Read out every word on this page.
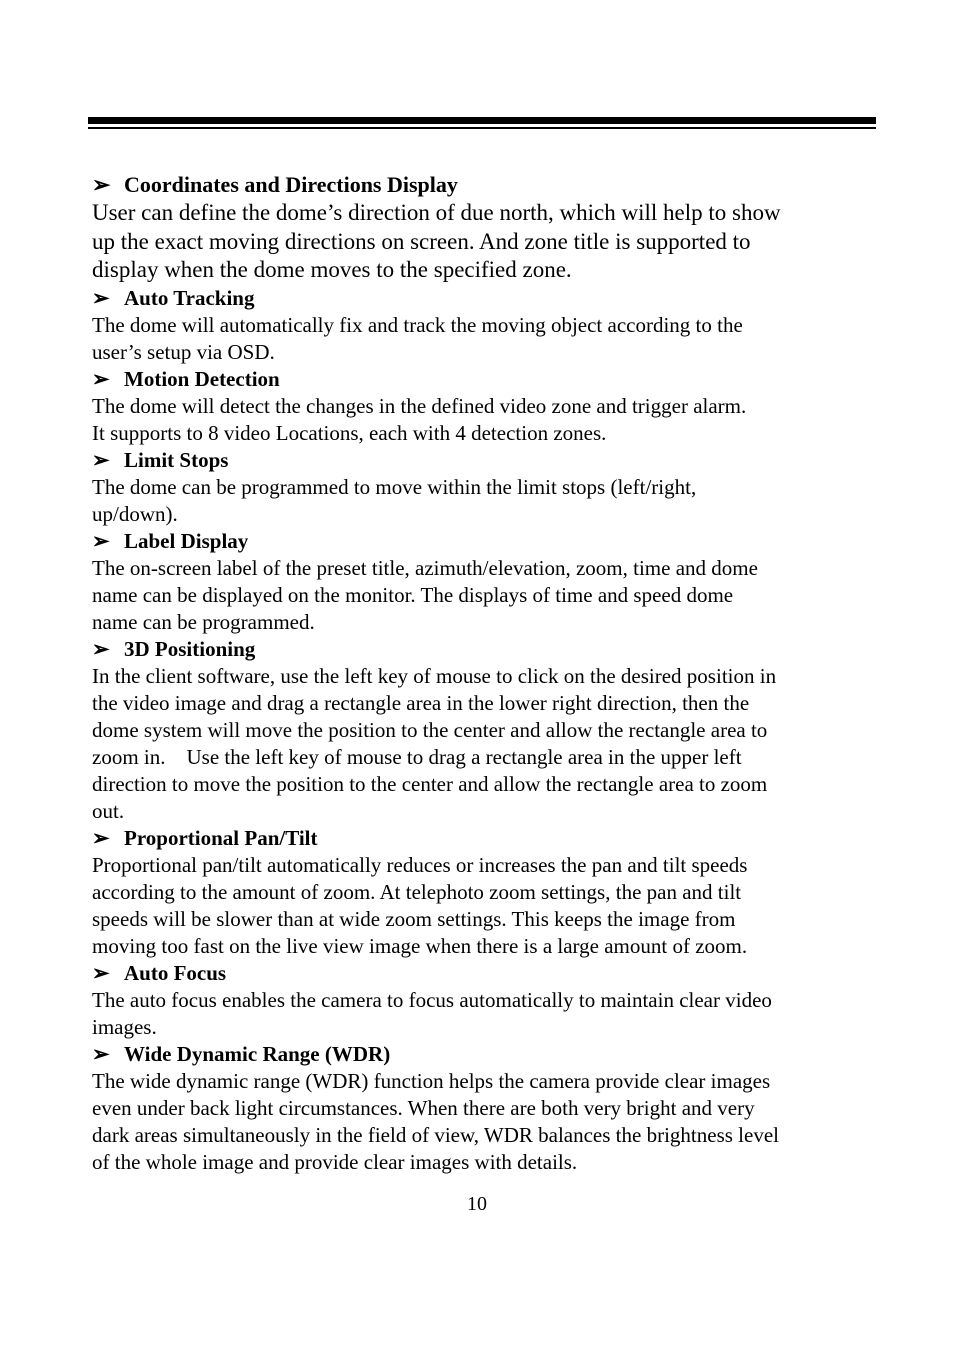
➢ Coordinates and Directions Display
User can define the dome’s direction of due north, which will help to show
up the exact moving directions on screen. And zone title is supported to
display when the dome moves to the specified zone.
➢ Auto Tracking
The dome will automatically fix and track the moving object according to the
user’s setup via OSD.
➢ Motion Detection
The dome will detect the changes in the defined video zone and trigger alarm.
It supports to 8 video Locations, each with 4 detection zones.
➢ Limit Stops
The dome can be programmed to move within the limit stops (left/right,
up/down).
➢ Label Display
The on-screen label of the preset title, azimuth/elevation, zoom, time and dome
name can be displayed on the monitor. The displays of time and speed dome
name can be programmed.
➢ 3D Positioning
In the client software, use the left key of mouse to click on the desired position in
the video image and drag a rectangle area in the lower right direction, then the
dome system will move the position to the center and allow the rectangle area to
zoom in.    Use the left key of mouse to drag a rectangle area in the upper left
direction to move the position to the center and allow the rectangle area to zoom
out.
➢ Proportional Pan/Tilt
Proportional pan/tilt automatically reduces or increases the pan and tilt speeds
according to the amount of zoom. At telephoto zoom settings, the pan and tilt
speeds will be slower than at wide zoom settings. This keeps the image from
moving too fast on the live view image when there is a large amount of zoom.
➢ Auto Focus
The auto focus enables the camera to focus automatically to maintain clear video
images.
➢ Wide Dynamic Range (WDR)
The wide dynamic range (WDR) function helps the camera provide clear images
even under back light circumstances. When there are both very bright and very
dark areas simultaneously in the field of view, WDR balances the brightness level
of the whole image and provide clear images with details.
10
